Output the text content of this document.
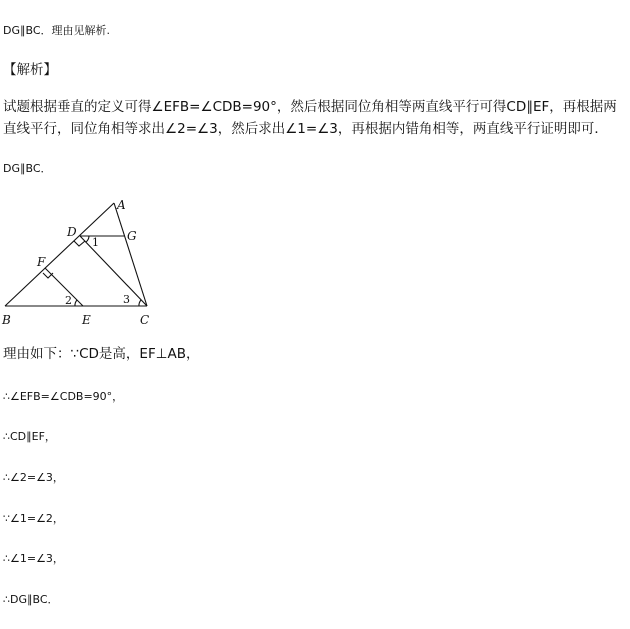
DG∥BC．理由见解析.
【解析】
试题根据垂直的定义可得∠EFB=∠CDB=90°，然后根据同位角相等两直线平行可得CD∥EF，再根据两直线平行，同位角相等求出∠2=∠3，然后求出∠1=∠3，再根据内错角相等，两直线平行证明即可．
DG∥BC．
A
B	C
D
E
F
G
1
2	3
理由如下：∵CD是高，EF⊥AB，
∴∠EFB=∠CDB=90°，
∴CD∥EF，
∴∠2=∠3，
∵∠1=∠2，
∴∠1=∠3，
∴DG∥BC．
